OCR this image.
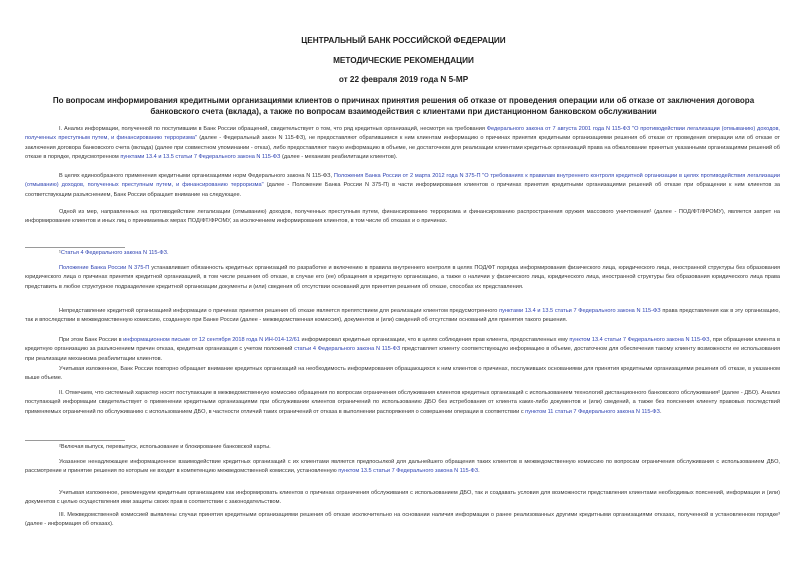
ЦЕНТРАЛЬНЫЙ БАНК РОССИЙСКОЙ ФЕДЕРАЦИИ
МЕТОДИЧЕСКИЕ РЕКОМЕНДАЦИИ
от 22 февраля 2019 года N 5-МР
По вопросам информирования кредитными организациями клиентов о причинах принятия решения об отказе от проведения операции или об отказе от заключения договора банковского счета (вклада), а также по вопросам взаимодействия с клиентами при дистанционном банковском обслуживании
I. Анализ информации, полученной по поступившим в Банк России обращений, свидетельствует о том, что ряд кредитных организаций, несмотря на требования Федерального закона от 7 августа 2001 года N 115-ФЗ "О противодействии легализации (отмыванию) доходов, полученных преступным путем, и финансированию терроризма" (далее - Федеральный закон N 115-ФЗ), не предоставляют обратившимся к ним клиентам информацию о причинах принятия кредитными организациями решения об отказе от проведения операции или об отказе от заключения договора банковского счета (вклада) (далее при совместном упоминании - отказ), либо предоставляют такую информацию в объеме, не достаточном для реализации клиентами кредитных организаций права на обжалование принятых указанными организациями решений об отказе в порядке, предусмотренном пунктами 13.4 и 13.5 статьи 7 Федерального закона N 115-ФЗ (далее - механизм реабилитации клиентов).
В целях единообразного применения кредитными организациями норм Федерального закона N 115-ФЗ, Положения Банка России от 2 марта 2012 года N 375-П "О требованиях к правилам внутреннего контроля кредитной организации в целях противодействия легализации (отмыванию) доходов, полученных преступным путем, и финансированию терроризма" (далее - Положение Банка России N 375-П) в части информирования клиентов о причинах принятия кредитными организациями решений об отказе при обращении к ним клиентов за соответствующим разъяснением, Банк России обращает внимание на следующее.
Одной из мер, направленных на противодействие легализации (отмыванию) доходов, полученных преступным путем, финансированию терроризма и финансированию распространения оружия массового уничтожения¹ (далее - ПОД/ФТ/ФРОМУ), является запрет на информирование клиентов и иных лиц о принимаемых мерах ПОД/ФТ/ФРОМУ, за исключением информирования клиентов, в том числе об отказах и о причинах.
¹Статья 4 Федерального закона N 115-ФЗ.
Положение Банка России N 375-П устанавливает обязанность кредитных организаций по разработке и включению в правила внутреннего контроля в целях ПОД/ФТ порядка информирования физического лица, юридического лица, иностранной структуры без образования юридического лица о причинах принятия кредитной организацией, в том числе решения об отказе, в случае его (ее) обращения в кредитную организацию, а также о наличии у физического лица, юридического лица, иностранной структуры без образования юридического лица права представить в любое структурное подразделение кредитной организации документы и (или) сведения об отсутствии оснований для принятия решения об отказе, способах их представления.
Непредставление кредитной организацией информации о причинах принятия решения об отказе является препятствием для реализации клиентом предусмотренного пунктами 13.4 и 13.5 статьи 7 Федерального закона N 115-ФЗ права представления как в эту организацию, так и впоследствии в межведомственную комиссию, созданную при Банке России (далее - межведомственная комиссия), документов и (или) сведений об отсутствии оснований для принятия такого решения.
При этом Банк России в информационном письме от 12 сентября 2018 года N ИН-014-12/61 информировал кредитные организации, что в целях соблюдения прав клиента, предоставленных ему пунктом 13.4 статьи 7 Федерального закона N 115-ФЗ, при обращении клиента в кредитную организацию за разъяснением причин отказа, кредитная организация с учетом положений статьи 4 Федерального закона N 115-ФЗ представляет клиенту соответствующую информацию в объеме, достаточном для обеспечения такому клиенту возможности ее использования при реализации механизма реабилитации клиентов.
Учитывая изложенное, Банк России повторно обращает внимание кредитных организаций на необходимость информирования обращающихся к ним клиентов о причинах, послуживших основаниями для принятия кредитными организациями решения об отказе, в указанном выше объеме.
II. Отмечаем, что системный характер носят поступающие в межведомственную комиссию обращения по вопросам ограничения обслуживания клиентов кредитных организаций с использованием технологий дистанционного банковского обслуживания² (далее - ДБО). Анализ поступающей информации свидетельствует о применении кредитными организациями при обслуживании клиентов ограничений по использованию ДБО без истребования от клиента каких-либо документов и (или) сведений, а также без пояснения клиенту правовых последствий применяемых ограничений по обслуживанию с использованием ДБО, в частности отличий таких ограничений от отказа в выполнении распоряжения о совершении операции в соответствии с пунктом 11 статьи 7 Федерального закона N 115-ФЗ.
²Включая выпуск, перевыпуск, использование и блокирование банковской карты.
Указанное ненадлежащее информационное взаимодействие кредитных организаций с их клиентами является предпосылкой для дальнейшего обращения таких клиентов в межведомственную комиссию по вопросам ограничения обслуживания с использованием ДБО, рассмотрение и принятие решения по которым не входит в компетенцию межведомственной комиссии, установленную пунктом 13.5 статьи 7 Федерального закона N 115-ФЗ.
Учитывая изложенное, рекомендуем кредитным организациям как информировать клиентов о причинах ограничения обслуживания с использованием ДБО, так и создавать условия для возможности представления клиентами необходимых пояснений, информации и (или) документов с целью осуществления ими защиты своих прав в соответствии с законодательством.
III. Межведомственной комиссией выявлены случаи принятия кредитными организациями решения об отказе исключительно на основании наличия информации о ранее реализованных другими кредитными организациями отказах, полученной в установленном порядке³ (далее - информация об отказах).
